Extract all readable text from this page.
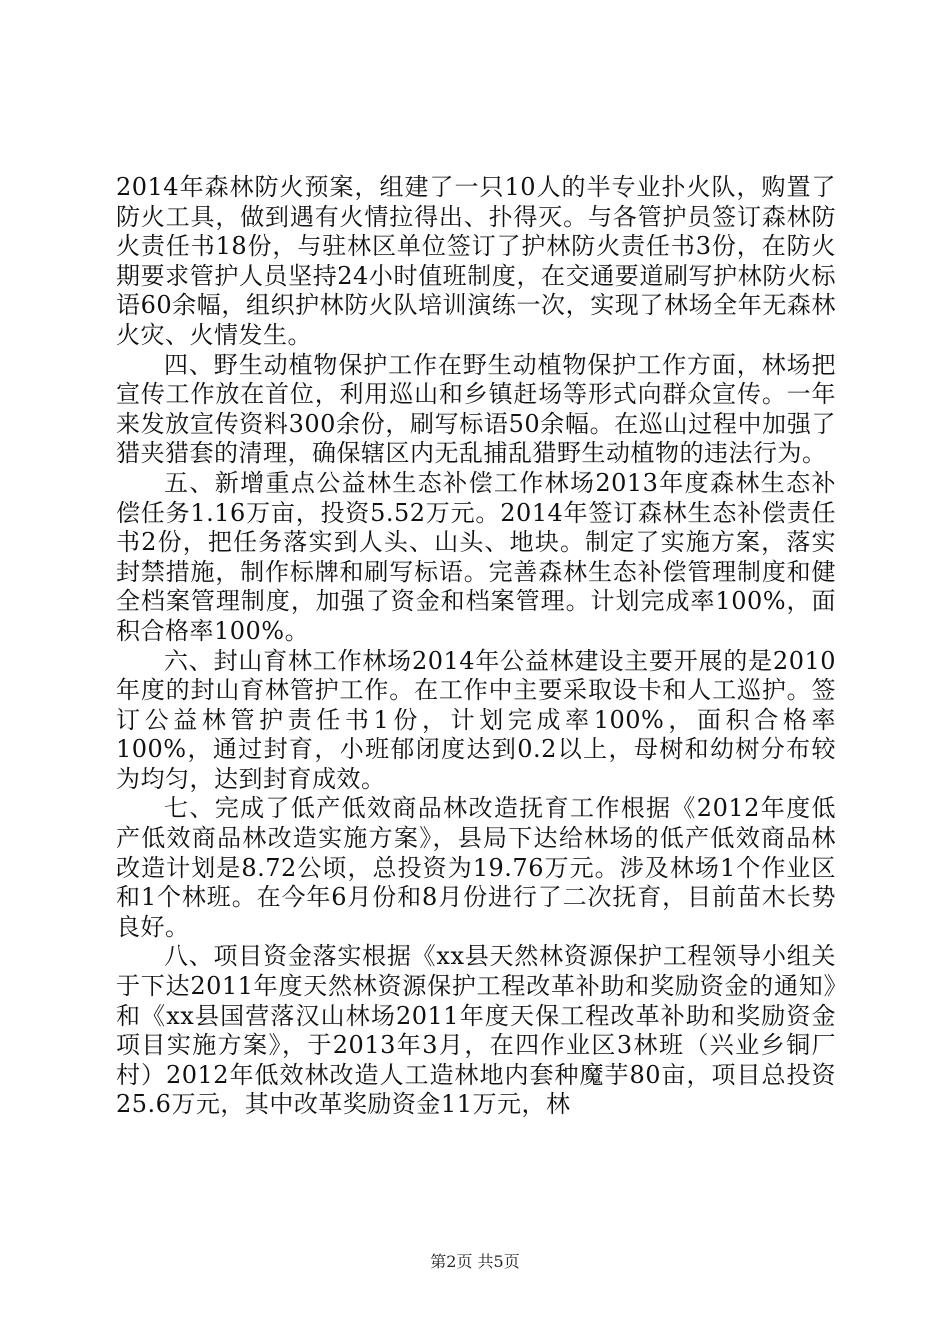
2014年森林防火预案，组建了一只10人的半专业扑火队，购置了防火工具，做到遇有火情拉得出、扑得灭。与各管护员签订森林防火责任书18份，与驻林区单位签订了护林防火责任书3份，在防火期要求管护人员坚持24小时值班制度，在交通要道刷写护林防火标语60余幅，组织护林防火队培训演练一次，实现了林场全年无森林火灾、火情发生。

四、野生动植物保护工作在野生动植物保护工作方面，林场把宣传工作放在首位，利用巡山和乡镇赶场等形式向群众宣传。一年来发放宣传资料300余份，刷写标语50余幅。在巡山过程中加强了猎夹猎套的清理，确保辖区内无乱捕乱猎野生动植物的违法行为。

五、新增重点公益林生态补偿工作林场2013年度森林生态补偿任务1.16万亩，投资5.52万元。2014年签订森林生态补偿责任书2份，把任务落实到人头、山头、地块。制定了实施方案，落实封禁措施，制作标牌和刷写标语。完善森林生态补偿管理制度和健全档案管理制度，加强了资金和档案管理。计划完成率100%，面积合格率100%。

六、封山育林工作林场2014年公益林建设主要开展的是2010年度的封山育林管护工作。在工作中主要采取设卡和人工巡护。签订公益林管护责任书1份，计划完成率100%，面积合格率100%，通过封育，小班郁闭度达到0.2以上，母树和幼树分布较为均匀，达到封育成效。

七、完成了低产低效商品林改造抚育工作根据《2012年度低产低效商品林改造实施方案》，县局下达给林场的低产低效商品林改造计划是8.72公顷，总投资为19.76万元。涉及林场1个作业区和1个林班。在今年6月份和8月份进行了二次抚育，目前苗木长势良好。

八、项目资金落实根据《xx县天然林资源保护工程领导小组关于下达2011年度天然林资源保护工程改革补助和奖励资金的通知》和《xx县国营落汉山林场2011年度天保工程改革补助和奖励资金项目实施方案》，于2013年3月，在四作业区3林班（兴业乡铜厂村）2012年低效林改造人工造林地内套种魔芋80亩，项目总投资25.6万元，其中改革奖励资金11万元，林

第2页 共5页
